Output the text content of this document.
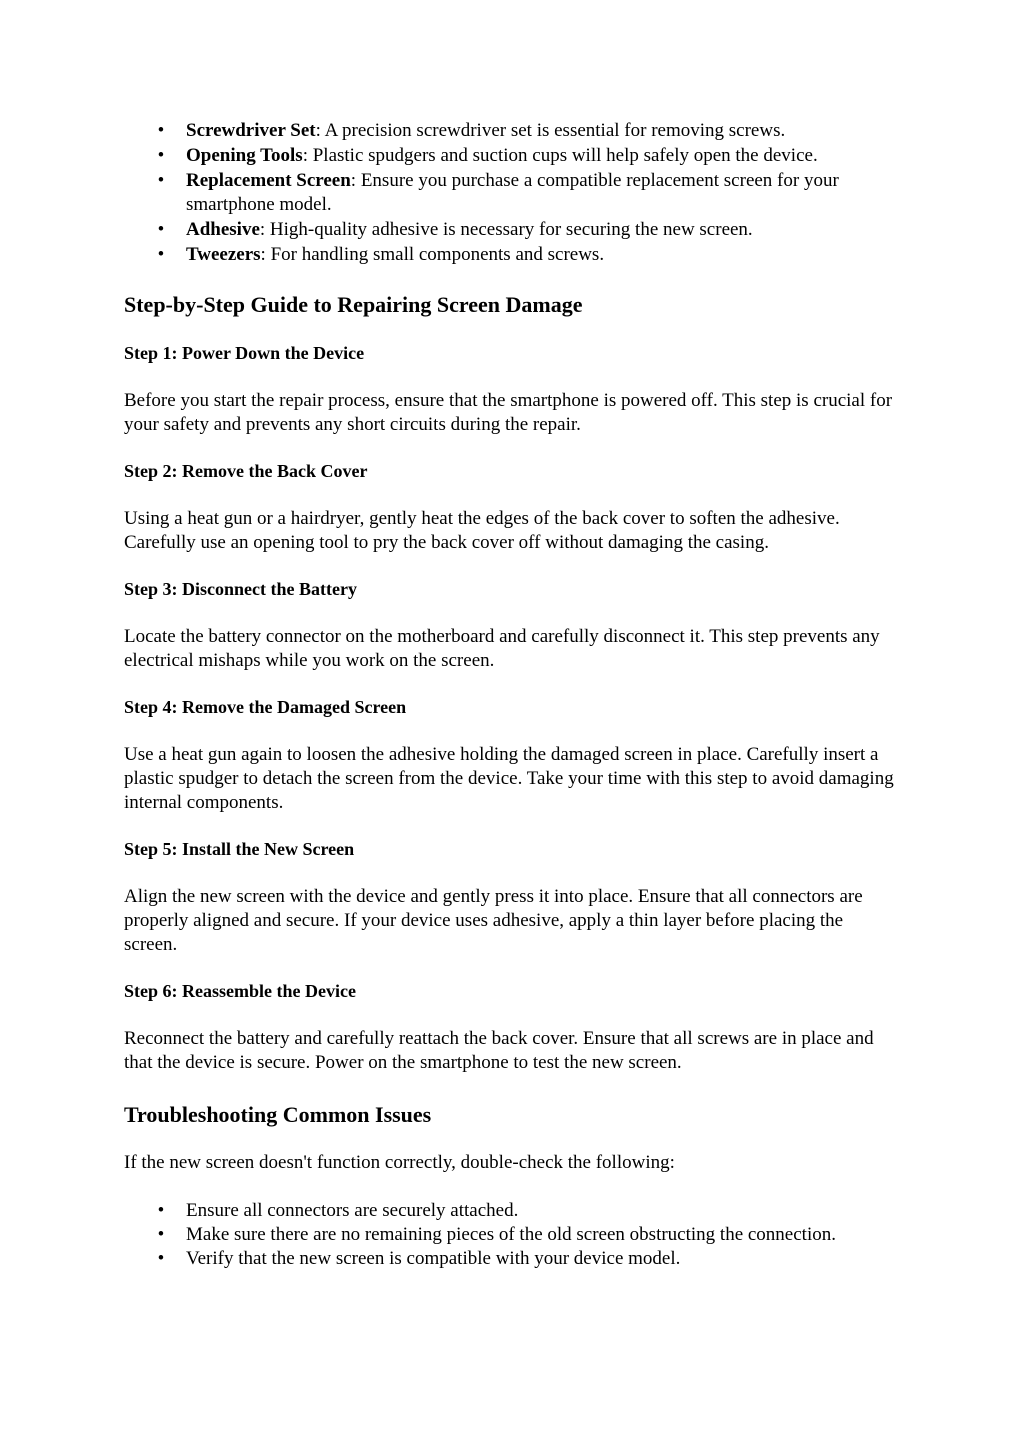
• Screwdriver Set: A precision screwdriver set is essential for removing screws.
• Opening Tools: Plastic spudgers and suction cups will help safely open the device.
• Replacement Screen: Ensure you purchase a compatible replacement screen for your smartphone model.
• Adhesive: High-quality adhesive is necessary for securing the new screen.
• Tweezers: For handling small components and screws.
Step-by-Step Guide to Repairing Screen Damage
Step 1: Power Down the Device

Before you start the repair process, ensure that the smartphone is powered off. This step is crucial for your safety and prevents any short circuits during the repair.

Step 2: Remove the Back Cover

Using a heat gun or a hairdryer, gently heat the edges of the back cover to soften the adhesive. Carefully use an opening tool to pry the back cover off without damaging the casing.

Step 3: Disconnect the Battery

Locate the battery connector on the motherboard and carefully disconnect it. This step prevents any electrical mishaps while you work on the screen.

Step 4: Remove the Damaged Screen

Use a heat gun again to loosen the adhesive holding the damaged screen in place. Carefully insert a plastic spudger to detach the screen from the device. Take your time with this step to avoid damaging internal components.

Step 5: Install the New Screen

Align the new screen with the device and gently press it into place. Ensure that all connectors are properly aligned and secure. If your device uses adhesive, apply a thin layer before placing the screen.

Step 6: Reassemble the Device

Reconnect the battery and carefully reattach the back cover. Ensure that all screws are in place and that the device is secure. Power on the smartphone to test the new screen.

Troubleshooting Common Issues

If the new screen doesn't function correctly, double-check the following:

• Ensure all connectors are securely attached.
• Make sure there are no remaining pieces of the old screen obstructing the connection.
• Verify that the new screen is compatible with your device model.
